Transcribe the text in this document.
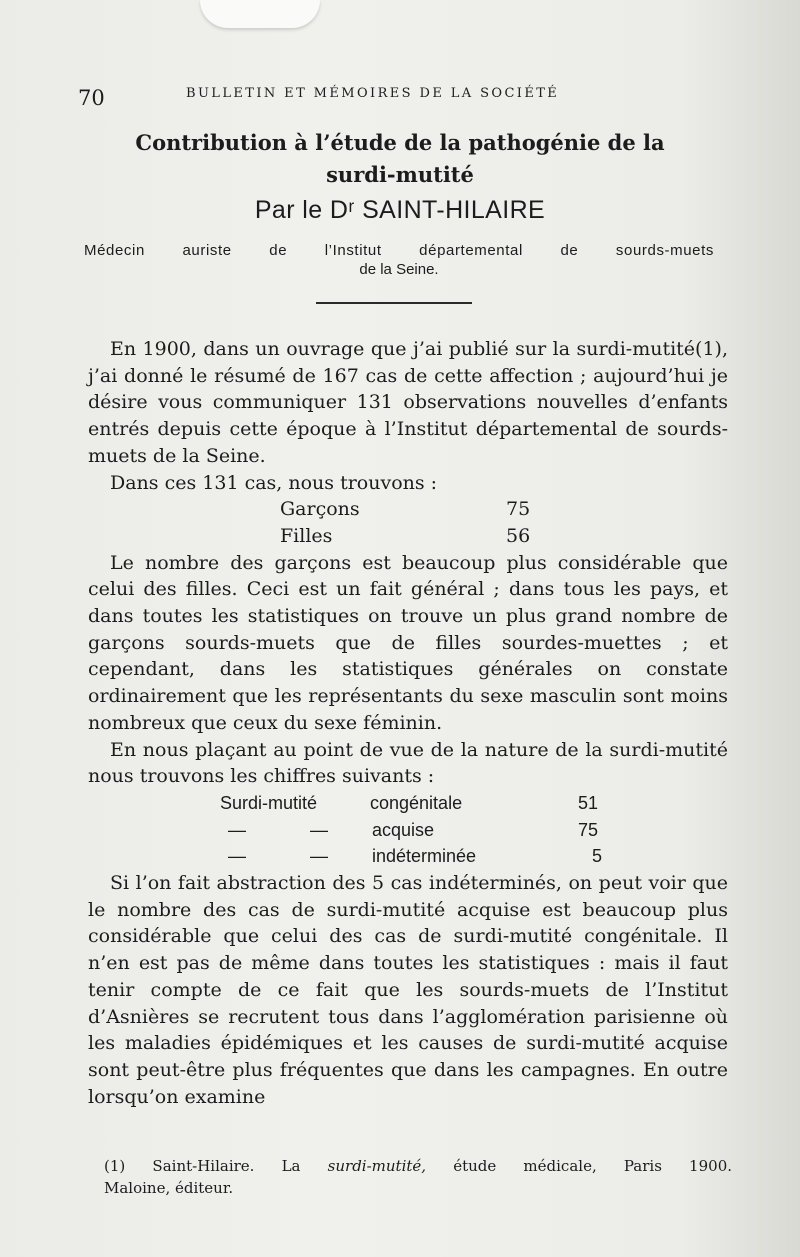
70	BULLETIN ET MÉMOIRES DE LA SOCIÉTÉ
Contribution à l’étude de la pathogénie de la
surdi-mutité
Par le Dʳ SAINT-HILAIRE
Médecin auriste de l’Institut départemental de sourds-muets
de la Seine.

En 1900, dans un ouvrage que j’ai publié sur la surdi-mutité(1), j’ai donné le résumé de 167 cas de cette affection ; aujourd’hui je désire vous communiquer 131 observations nouvelles d’enfants entrés depuis cette époque à l’Institut départemental de sourds-muets de la Seine.

Dans ces 131 cas, nous trouvons :

Garçons	75
Filles	56

Le nombre des garçons est beaucoup plus considérable que celui des filles. Ceci est un fait général ; dans tous les pays, et dans toutes les statistiques on trouve un plus grand nombre de garçons sourds-muets que de filles sourdes-muettes ; et cependant, dans les statistiques générales on constate ordinairement que les représentants du sexe masculin sont moins nombreux que ceux du sexe féminin.

En nous plaçant au point de vue de la nature de la surdi-mutité nous trouvons les chiffres suivants :

Surdi-mutité	congénitale	51
—	— acquise	75
—	— indéterminée	5

Si l’on fait abstraction des 5 cas indéterminés, on peut voir que le nombre des cas de surdi-mutité acquise est beaucoup plus considérable que celui des cas de surdi-mutité congénitale. Il n’en est pas de même dans toutes les statistiques : mais il faut tenir compte de ce fait que les sourds-muets de l’Institut d’Asnières se recrutent tous dans l’agglomération parisienne où les maladies épidémiques et les causes de surdi-mutité acquise sont peut-être plus fréquentes que dans les campagnes. En outre lorsqu’on examine

(1) Saint-Hilaire. La surdi-mutité, étude médicale, Paris 1900.

Maloine, éditeur.
